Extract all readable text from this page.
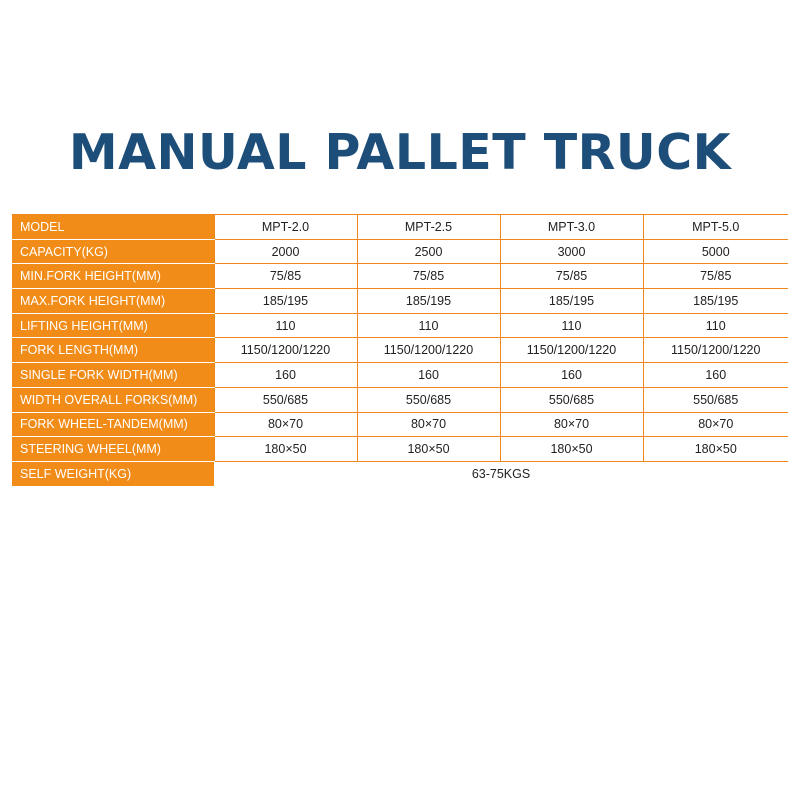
MANUAL PALLET TRUCK
MODEL	MPT-2.0	MPT-2.5	MPT-3.0	MPT-5.0
CAPACITY(KG)	2000	2500	3000	5000
MIN.FORK HEIGHT(MM)	75/85	75/85	75/85	75/85
MAX.FORK HEIGHT(MM)	185/195	185/195	185/195	185/195
LIFTING HEIGHT(MM)	110	110	110	110
FORK LENGTH(MM)	1150/1200/1220	1150/1200/1220	1150/1200/1220	1150/1200/1220
SINGLE FORK WIDTH(MM)	160	160	160	160
WIDTH OVERALL FORKS(MM)	550/685	550/685	550/685	550/685
FORK WHEEL-TANDEM(MM)	80×70	80×70	80×70	80×70
STEERING WHEEL(MM)	180×50	180×50	180×50	180×50
SELF WEIGHT(KG)	63-75KGS			
